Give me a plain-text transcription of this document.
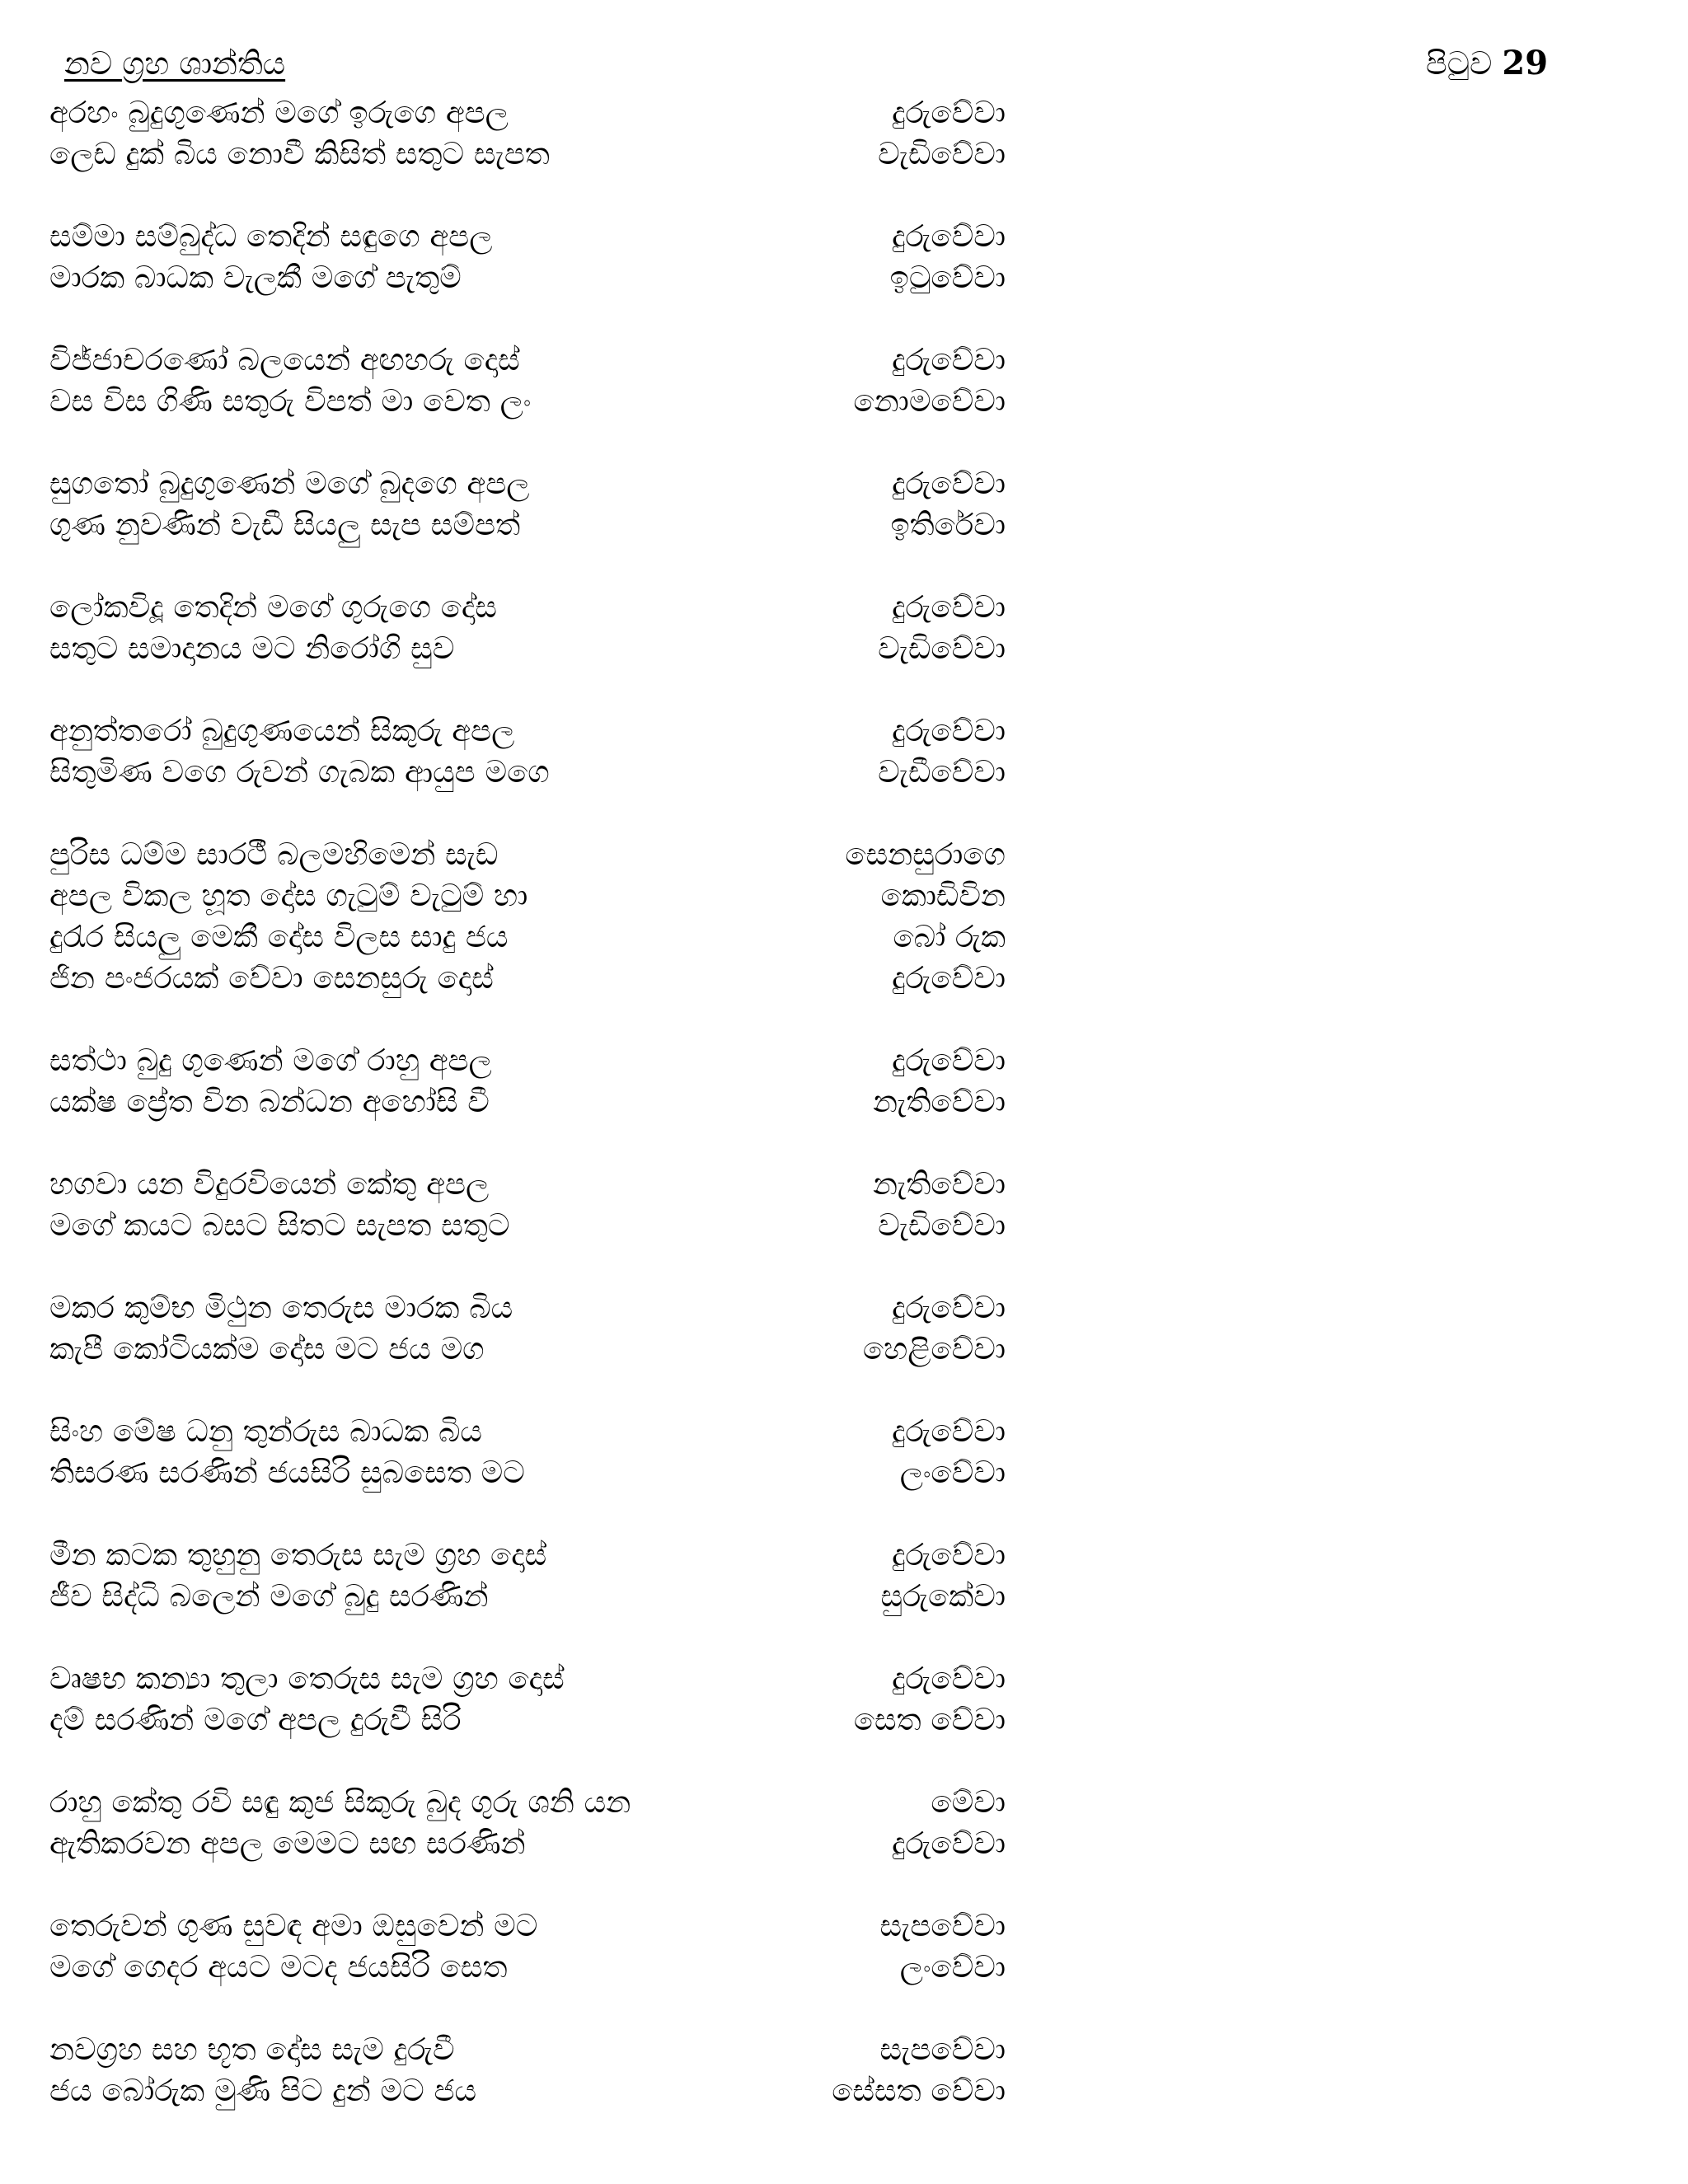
නව ග්‍රහ ශාන්තිය	පිටුව 29
අරහං බුදුගුණෙන් මගේ ඉරුගෙ අපල	දුරුවේවා
ලෙඩ දුක් බිය නොවී කිසිත් සතුට සැපත	වැඩිවේවා
සම්මා සම්බුද්ධ තෙදින් සඳුගෙ අපල	දුරුවේවා
මාරක බාධක වැලකී මගේ පැතුම්	ඉටුවේවා
විජ්ජාචරණෝ බලයෙන් අඟහරු දොස්	දුරුවේවා
වස විස ගිණි සතුරු විපත් මා වෙත ලං	නොමවේවා
සුගතෝ බුදුගුණෙන් මගේ බුදගෙ අපල	දුරුවේවා
ගුණ නුවණින් වැඩී සියලු සැප සම්පත්	ඉතිරේවා
ලෝකවිදූ තෙදින් මගේ ගුරුගෙ දෝස	දුරුවේවා
සතුට සමාදානය මට නිරෝගි සුව	වැඩිවේවා
අනුත්තරෝ බුදුගුණයෙන් සිකුරු අපල	දුරුවේවා
සිතුමිණ වගෙ රුවන් ගැබක ආයුප මගෙ	වැඩීවේවා
පුරිස ධම්ම සාරථී බලමහිමෙන් සැඩ	සෙනසුරාගෙ
අපල විකල හූත දෝස ගැටුම් වැටුම් හා	කොඩිවින
දුරැර සියලු මෙකී දෝස විලස සාදු ජය	බෝ රුක
ජින පංජරයක් වේවා සෙනසුරු දොස්	දුරුවේවා
සත්ථා බුදු ගුණෙන් මගේ රාහු අපල	දුරුවේවා
යක්ෂ ප්‍රේත වින බන්ධන අහෝසි වී	නැතිවේවා
හගවා යන විදුරවියෙන් කේතු අපල	නැතිවේවා
මගේ කයට බසට සිතට සැපත සතුට	වැඩිවේවා
මකර කුම්භ මිථුන තෙරුස මාරක බිය	දුරුවේවා
කැපී කෝටියක්ම දෝස මට ජය මග	හෙළිවේවා
සිංහ මේෂ ධනු තුන්රුස බාධක බිය	දුරුවේවා
තිසරණ සරණින් ජයසිරි සුබසෙත මට	ලංවේවා
මීන කටක තුහුනු තෙරුස සැම ග්‍රහ දොස්	දුරුවේවා
ජීව සිද්ධි බලෙන් මගේ බුදු සරණින්	සුරුකේවා
වෘෂභ කන්‍යා තුලා තෙරුස සැම ග්‍රහ දොස්	දුරුවේවා
දම් සරණින් මගේ අපල දුරුවී සිරි	සෙත වේවා
රාහු කේතු රවි සඳු කුජ සිකුරු බුද ගුරු ශනි යන	මේවා
ඇතිකරවන අපල මෙමට සඟ සරණින්	දුරුවේවා
තෙරුවන් ගුණ සුවඳ අමා ඔසුවෙන් මට	සැපවේවා
මගේ ගෙදර අයට මටද ජයසිරි සෙත	ලංවේවා
නවග්‍රහ සහ භූත දෝස සැම දුරුවී	සැපවේවා
ජය බෝරුක මුණි පිට දුන් මට ජය	සේසත වේවා
